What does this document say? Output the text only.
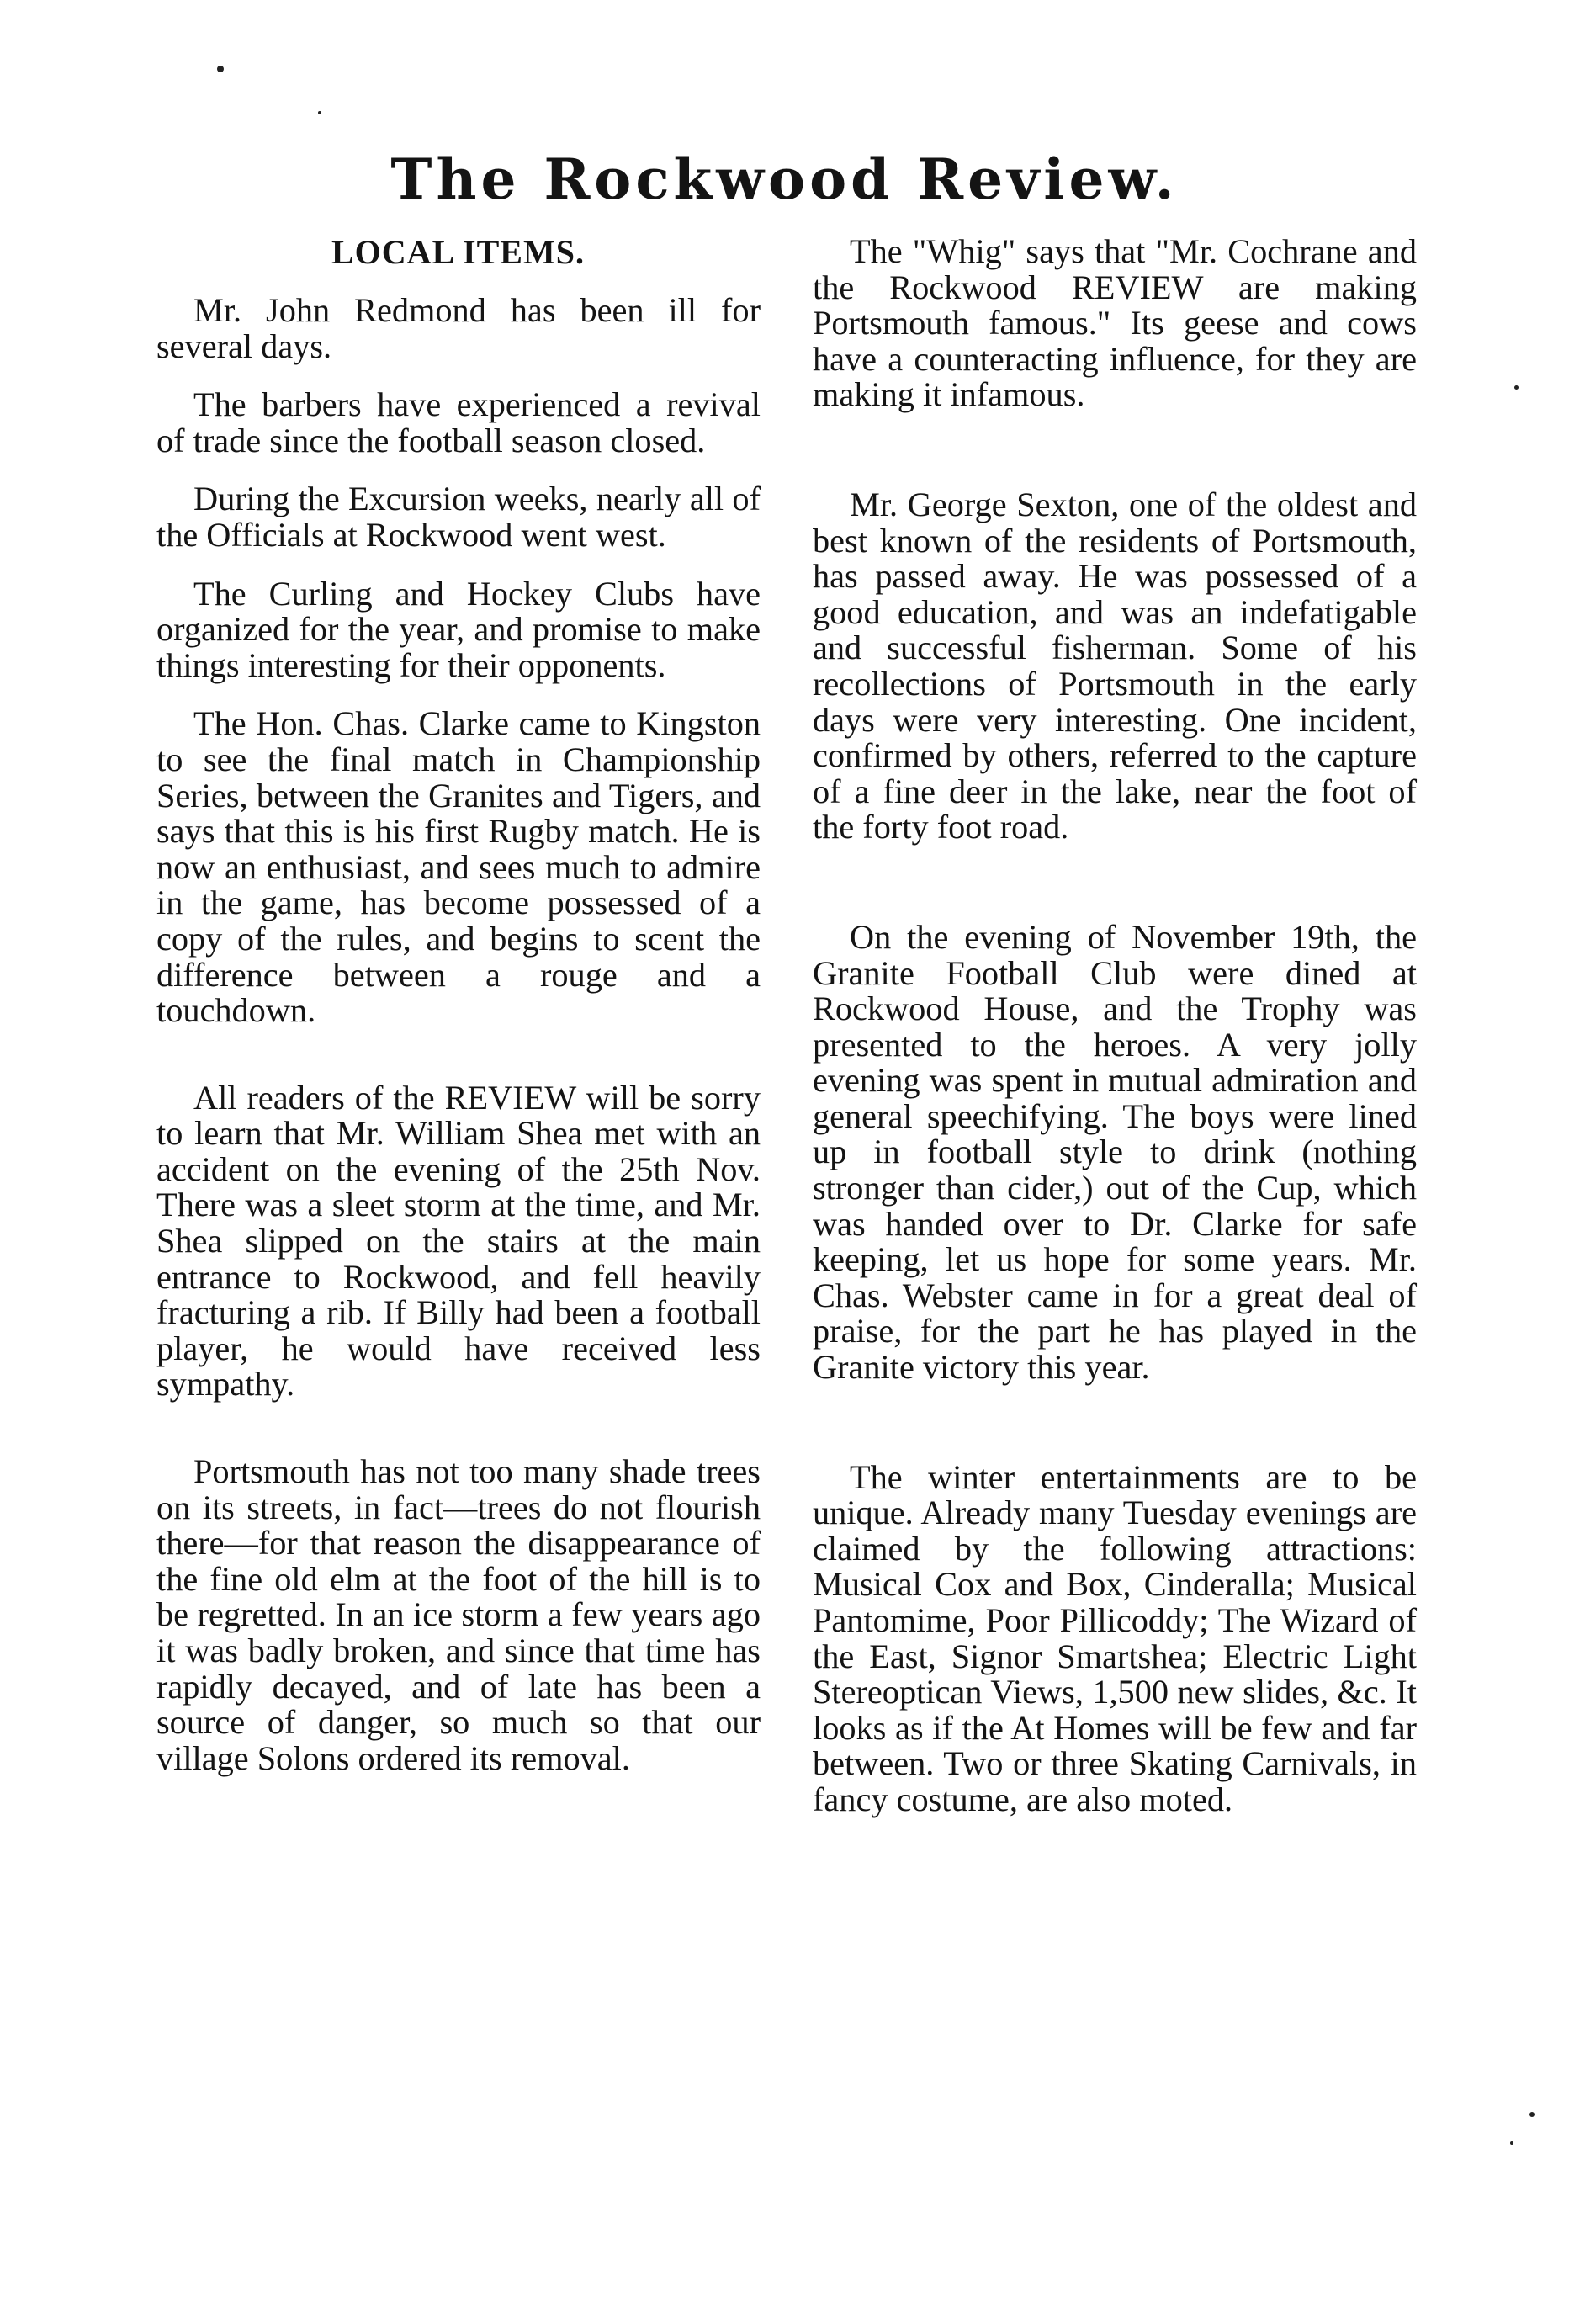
The Rockwood Review.

LOCAL ITEMS.

Mr. John Redmond has been ill for several days.

The barbers have experienced a revival of trade since the football season closed.

During the Excursion weeks, nearly all of the Officials at Rockwood went west.

The Curling and Hockey Clubs have organized for the year, and promise to make things interesting for their opponents.

The Hon. Chas. Clarke came to Kingston to see the final match in Championship Series, between the Granites and Tigers, and says that this is his first Rugby match. He is now an enthusiast, and sees much to admire in the game, has become possessed of a copy of the rules, and begins to scent the difference between a rouge and a touchdown.

All readers of the REVIEW will be sorry to learn that Mr. William Shea met with an accident on the evening of the 25th Nov. There was a sleet storm at the time, and Mr. Shea slipped on the stairs at the main entrance to Rockwood, and fell heavily fracturing a rib. If Billy had been a football player, he would have received less sympathy.

Portsmouth has not too many shade trees on its streets, in fact—trees do not flourish there—for that reason the disappearance of the fine old elm at the foot of the hill is to be regretted. In an ice storm a few years ago it was badly broken, and since that time has rapidly decayed, and of late has been a source of danger, so much so that our village Solons ordered its removal.

The "Whig" says that "Mr. Cochrane and the Rockwood REVIEW are making Portsmouth famous." Its geese and cows have a counteracting influence, for they are making it infamous.

Mr. George Sexton, one of the oldest and best known of the residents of Portsmouth, has passed away. He was possessed of a good education, and was an indefatigable and successful fisherman. Some of his recollections of Portsmouth in the early days were very interesting. One incident, confirmed by others, referred to the capture of a fine deer in the lake, near the foot of the forty foot road.

On the evening of November 19th, the Granite Football Club were dined at Rockwood House, and the Trophy was presented to the heroes. A very jolly evening was spent in mutual admiration and general speechifying. The boys were lined up in football style to drink (nothing stronger than cider,) out of the Cup, which was handed over to Dr. Clarke for safe keeping, let us hope for some years. Mr. Chas. Webster came in for a great deal of praise, for the part he has played in the Granite victory this year.

The winter entertainments are to be unique. Already many Tuesday evenings are claimed by the following attractions: Musical Cox and Box, Cinderalla; Musical Pantomime, Poor Pillicoddy; The Wizard of the East, Signor Smartshea; Electric Light Stereoptican Views, 1,500 new slides, &c. It looks as if the At Homes will be few and far between. Two or three Skating Carnivals, in fancy costume, are also moted.
